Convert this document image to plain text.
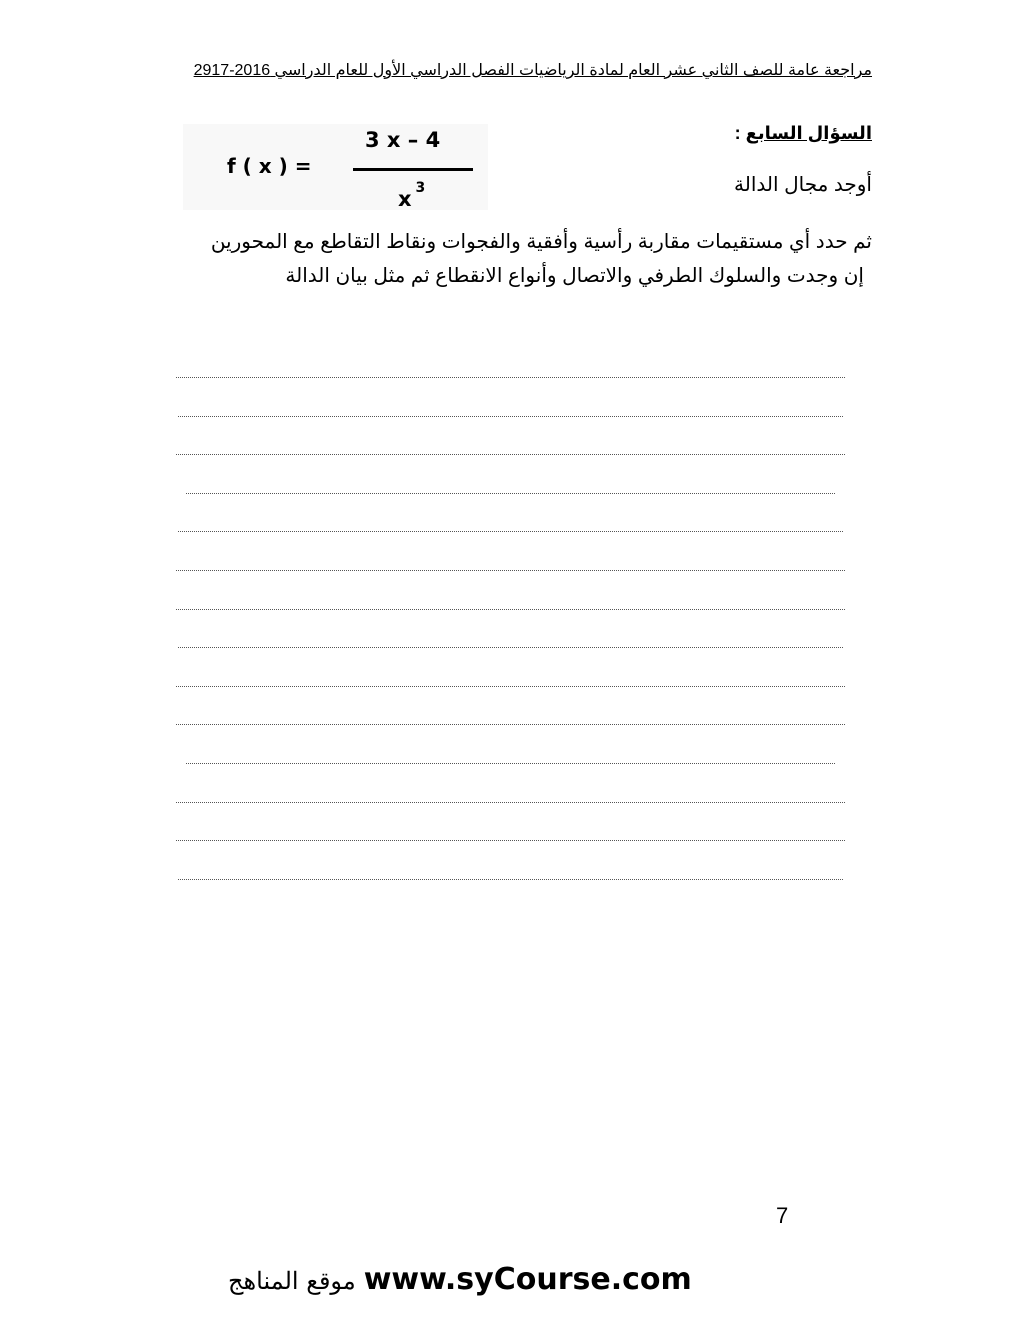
مراجعة عامة للصف الثاني عشر العام لمادة الرياضيات الفصل الدراسي الأول للعام الدراسي 2016-2917
السؤال السابع :
أوجد مجال الدالة
f ( x ) =
3 x – 4
x $^3$
ثم حدد أي مستقيمات مقاربة رأسية وأفقية والفجوات ونقاط التقاطع مع المحورين
إن وجدت والسلوك الطرفي والاتصال وأنواع الانقطاع ثم مثل بيان الدالة
7
موقع المناهج www.syCourse.com
